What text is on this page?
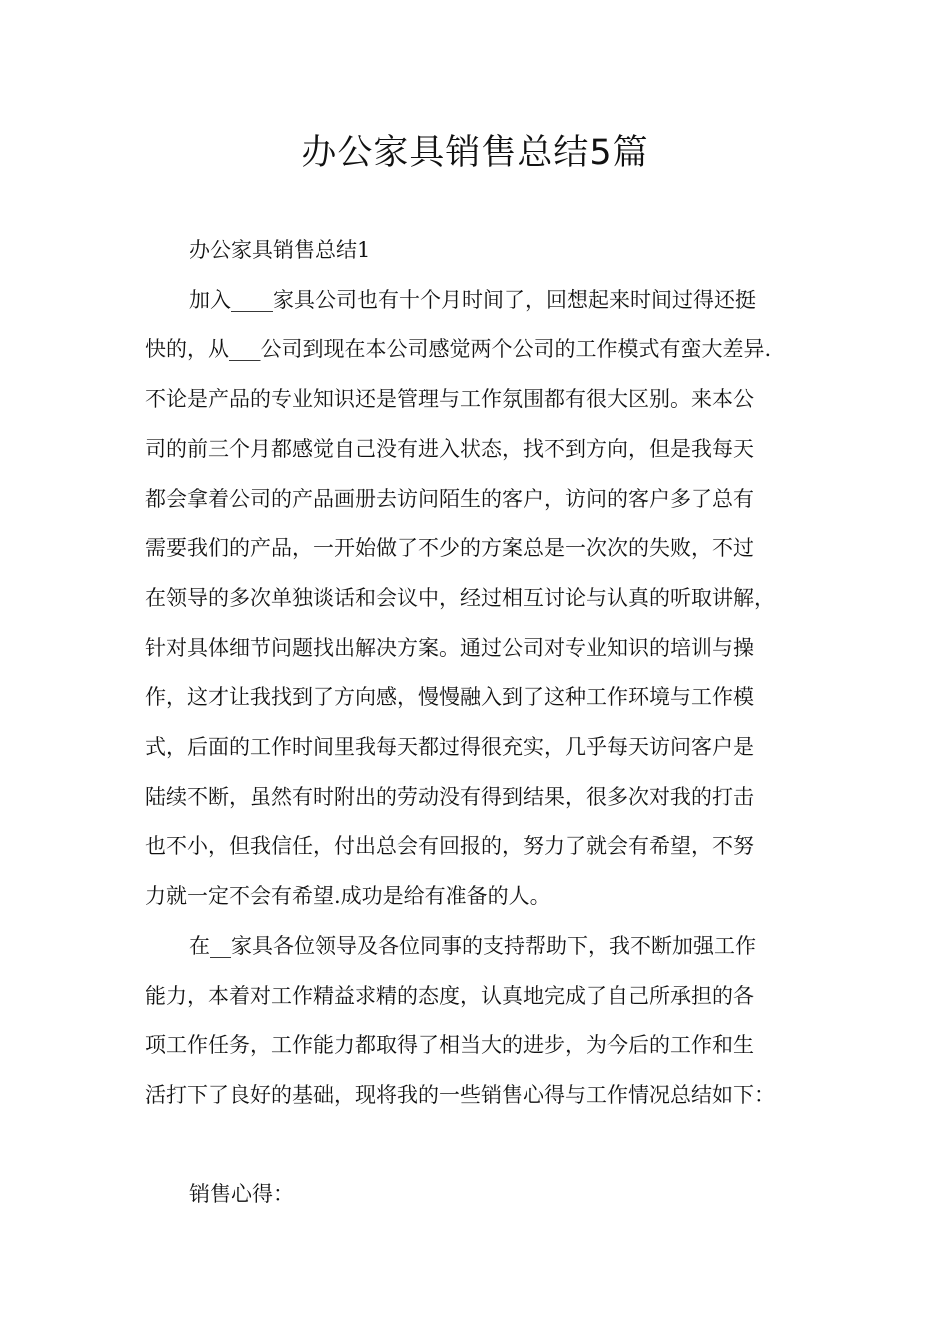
办公家具销售总结5篇

办公家具销售总结1

加入____家具公司也有十个月时间了，回想起来时间过得还挺

快的，从___公司到现在本公司感觉两个公司的工作模式有蛮大差异.

不论是产品的专业知识还是管理与工作氛围都有很大区别。来本公

司的前三个月都感觉自己没有进入状态，找不到方向，但是我每天

都会拿着公司的产品画册去访问陌生的客户，访问的客户多了总有

需要我们的产品，一开始做了不少的方案总是一次次的失败，不过

在领导的多次单独谈话和会议中，经过相互讨论与认真的听取讲解，

针对具体细节问题找出解决方案。通过公司对专业知识的培训与操

作，这才让我找到了方向感，慢慢融入到了这种工作环境与工作模

式，后面的工作时间里我每天都过得很充实，几乎每天访问客户是

陆续不断，虽然有时附出的劳动没有得到结果，很多次对我的打击

也不小，但我信任，付出总会有回报的，努力了就会有希望，不努

力就一定不会有希望.成功是给有准备的人。

在__家具各位领导及各位同事的支持帮助下，我不断加强工作

能力，本着对工作精益求精的态度，认真地完成了自己所承担的各

项工作任务，工作能力都取得了相当大的进步，为今后的工作和生

活打下了良好的基础，现将我的一些销售心得与工作情况总结如下：

销售心得：
